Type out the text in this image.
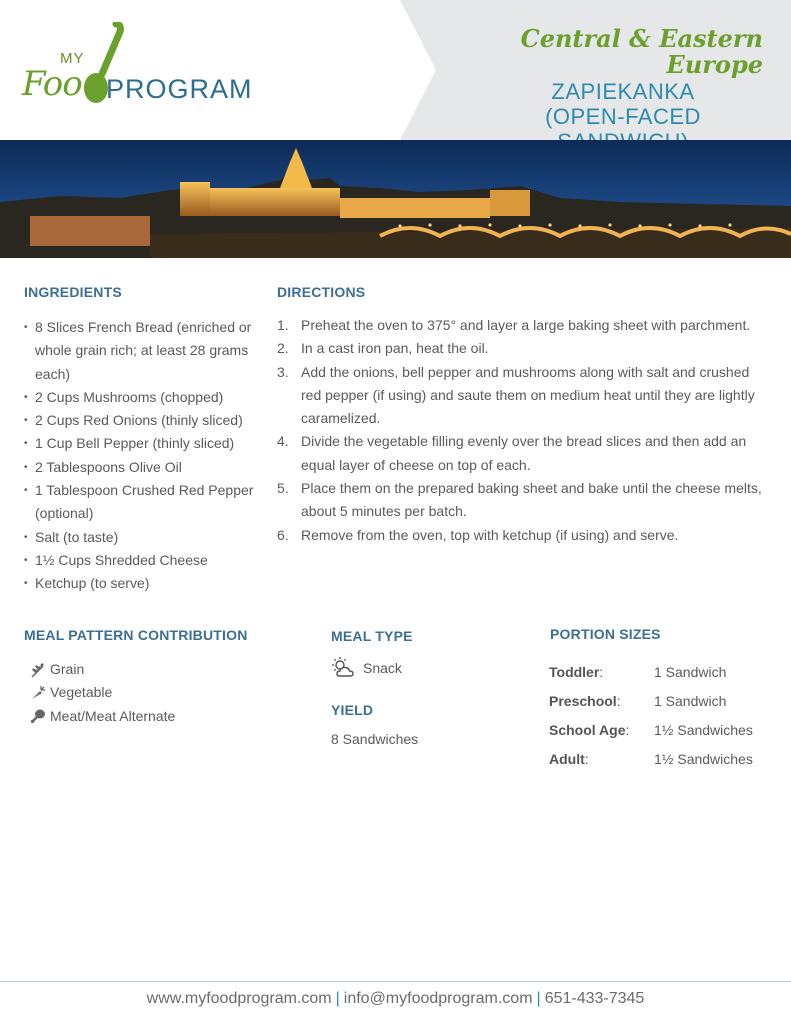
MY
Foo PROGRAM
Central & Eastern Europe
ZAPIEKANKA
(OPEN-FACED
INGREDIENTS
• 8 Slices French Bread (enriched or whole grain rich; at least 28 grams each)
• 2 Cups Mushrooms (chopped)
• 2 Cups Red Onions (thinly sliced)
• 1 Cup Bell Pepper (thinly sliced)
• 2 Tablespoons Olive Oil
• 1 Tablespoon Crushed Red Pepper (optional)
• Salt (to taste)
• 1½ Cups Shredded Cheese
• Ketchup (to serve)
DIRECTIONS
1. Preheat the oven to 375° and layer a large baking sheet with parchment.
2. In a cast iron pan, heat the oil.
3. Add the onions, bell pepper and mushrooms along with salt and crushed red pepper (if using) and saute them on medium heat until they are lightly caramelized.
4. Divide the vegetable filling evenly over the bread slices and then add an equal layer of cheese on top of each.
5. Place them on the prepared baking sheet and bake until the cheese melts, about 5 minutes per batch.
6. Remove from the oven, top with ketchup (if using) and serve.
MEAL PATTERN CONTRIBUTION
Grain
Vegetable
Meat/Meat Alternate
MEAL TYPE
Snack
YIELD
8 Sandwiches
PORTION SIZES
Toddler:	1 Sandwich
Preschool:	1 Sandwich
School Age:	1½ Sandwiches
Adult:	1½ Sandwiches
www.myfoodprogram.com | info@myfoodprogram.com | 651-433-7345
